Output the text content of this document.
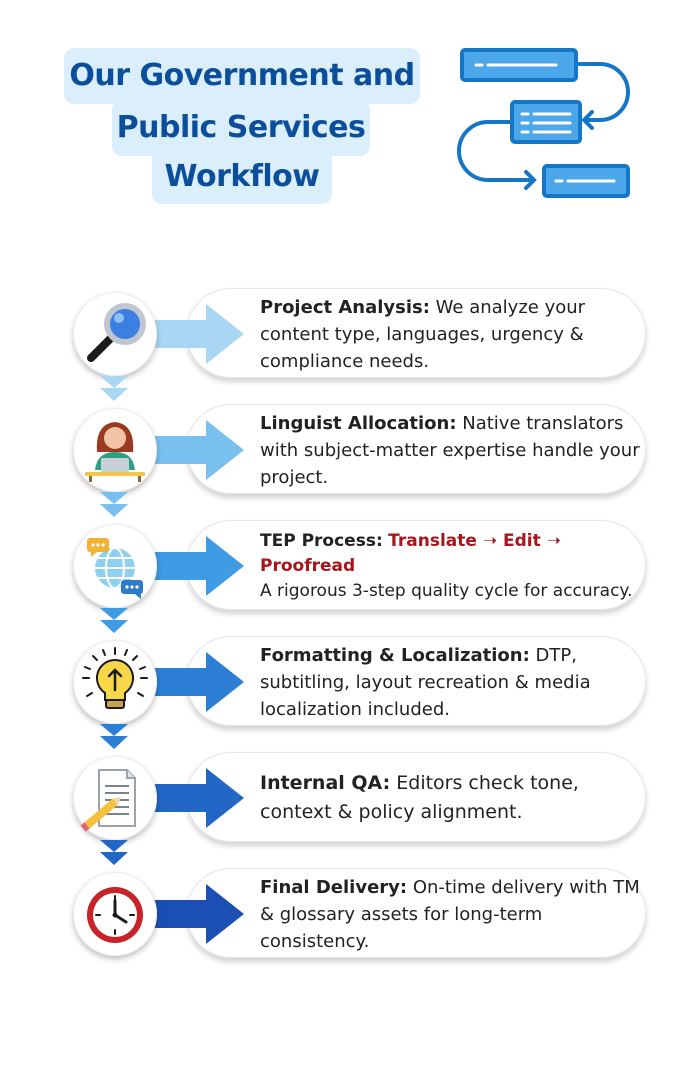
Our Government and
Public Services
Workflow

Project Analysis: We analyze your content type, languages, urgency & compliance needs.

Linguist Allocation: Native translators with subject-matter expertise handle your project.

TEP Process: Translate ➝ Edit ➝ Proofread
A rigorous 3-step quality cycle for accuracy.

Formatting & Localization: DTP, subtitling, layout recreation & media localization included.

Internal QA: Editors check tone, context & policy alignment.

Final Delivery: On-time delivery with TM & glossary assets for long-term consistency.
